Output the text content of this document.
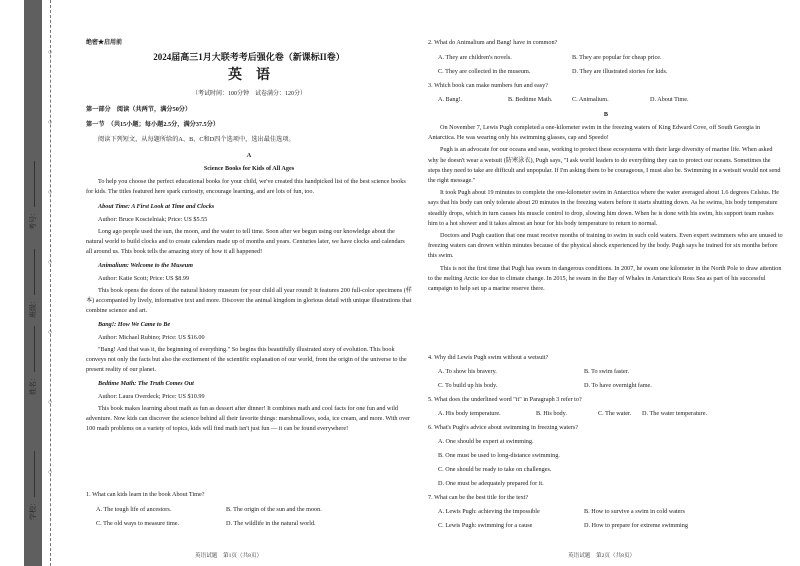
学校：
姓名：
班级：
考号：
○
○
○
○
○
○
○
绝密★启用前
2024届高三1月大联考考后强化卷（新课标II卷）
英　语
（考试时间：100分钟　试卷满分：120分）
第一部分　阅读（共两节，满分50分）
第一节　（共15小题；每小题2.5分，满分37.5分）
阅读下列短文，从每题所给的A、B、C和D四个选项中，选出最佳选项。
A
Science Books for Kids of All Ages

To help you choose the perfect educational books for your child, we've created this handpicked list of the best science books for kids. The titles featured here spark curiosity, encourage learning, and are lots of fun, too.

About Time: A First Look at Time and Clocks

Author: Bruce Koscielniak; Price: US $5.55

Long ago people used the sun, the moon, and the water to tell time. Soon after we begun using our knowledge about the natural world to build clocks and to create calendars made up of months and years. Centuries later, we have clocks and calendars all around us. This book tells the amazing story of how it all happened!

Animalium: Welcome to the Museum

Author: Katie Scott; Price: US $8.99

This book opens the doors of the natural history museum for your child all year round! It features 200 full-color specimens (样本) accompanied by lively, informative text and more. Discover the animal kingdom in glorious detail with unique illustrations that combine science and art.

Bang!: How We Came to Be

Author: Michael Rubino; Price: US $16.00

"Bang! And that was it, the beginning of everything." So begins this beautifully illustrated story of evolution. This book conveys not only the facts but also the excitement of the scientific explanation of our world, from the origin of the universe to the present reality of our planet.

Bedtime Math: The Truth Comes Out

Author: Laura Overdeck; Price: US $10.99

This book makes learning about math as fun as dessert after dinner! It combines math and cool facts for one fun and wild adventure. Now kids can discover the science behind all their favorite things: marshmallows, soda, ice cream, and more. With over 100 math problems on a variety of topics, kids will find math isn't just fun — it can be found everywhere!

1. What can kids learn in the book About Time?
A. The tough life of ancestors.	B. The origin of the sun and the moon.
C. The old ways to measure time.	D. The wildlife in the natural world.
英语试题　第1页（共8页）
2. What do Animalium and Bang! have in common?
A. They are children's novels.	B. They are popular for cheap price.
C. They are collected in the museum.	D. They are illustrated stories for kids.
3. Which book can make numbers fun and easy?
A. Bang!.	B. Bedtime Math.	C. Animalium.	D. About Time.
B

On November 7, Lewis Pugh completed a one-kilometer swim in the freezing waters of King Edward Cove, off South Georgia in Antarctica. He was wearing only his swimming glasses, cap and Speedo!

Pugh is an advocate for our oceans and seas, working to protect these ecosystems with their large diversity of marine life. When asked why he doesn't wear a wetsuit (防寒泳衣), Pugh says, "I ask world leaders to do everything they can to protect our oceans. Sometimes the steps they need to take are difficult and unpopular. If I'm asking them to be courageous, I must also be. Swimming in a wetsuit would not send the right message."

It took Pugh about 19 minutes to complete the one-kilometer swim in Antarctica where the water averaged about 1.6 degrees Celsius. He says that his body can only tolerate about 20 minutes in the freezing waters before it starts shutting down. As he swims, his body temperature steadily drops, which in turn causes his muscle control to drop, slowing him down. When he is done with his swim, his support team rushes him to a hot shower and it takes almost an hour for his body temperature to return to normal.

Doctors and Pugh caution that one must receive months of training to swim in such cold waters. Even expert swimmers who are unused to freezing waters can drown within minutes because of the physical shock experienced by the body. Pugh says he trained for six months before this swim.

This is not the first time that Pugh has swum in dangerous conditions. In 2007, he swam one kilometer in the North Pole to draw attention to the melting Arctic ice due to climate change. In 2015, he swam in the Bay of Whales in Antarctica's Ross Sea as part of his successful campaign to help set up a marine reserve there.

4. Why did Lewis Pugh swim without a wetsuit?
A. To show his bravery.	B. To swim faster.
C. To build up his body.	D. To have overnight fame.
5. What does the underlined word "it" in Paragraph 3 refer to?
A. His body temperature.	B. His body.	C. The water. D. The water temperature.
6. What's Pugh's advice about swimming in freezing waters?
A. One should be expert at swimming.
B. One must be used to long-distance swimming.
C. One should be ready to take on challenges.
D. One must be adequately prepared for it.
7. What can be the best title for the text?
A. Lewis Pugh: achieving the impossible	B. How to survive a swim in cold waters
C. Lewis Pugh: swimming for a cause	D. How to prepare for extreme swimming
英语试题　第2页（共8页）
